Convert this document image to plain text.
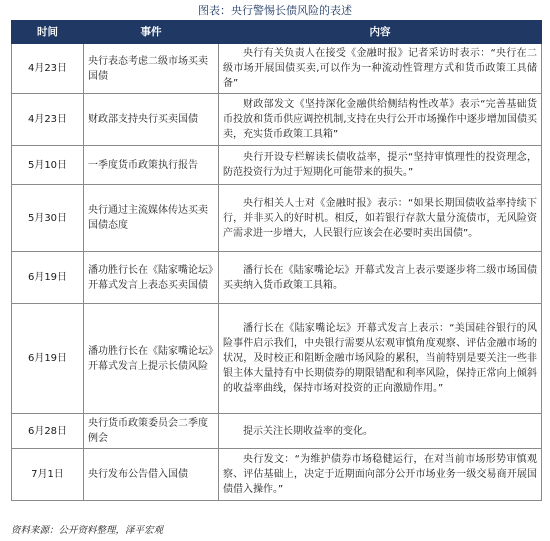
图表：央行警惕长债风险的表述
时间	事件	内容
4月23日	央行表态考虑二级市场买卖国债	央行有关负责人在接受《金融时报》记者采访时表示：“央行在二级市场开展国债买卖,可以作为一种流动性管理方式和货币政策工具储备”
4月23日	财政部支持央行买卖国债	财政部发文《坚持深化金融供给侧结构性改革》表示“完善基础货币投放和货币供应调控机制,支持在央行公开市场操作中逐步增加国债买卖，充实货币政策工具箱”
5月10日	一季度货币政策执行报告	央行开设专栏解读长债收益率，提示“坚持审慎理性的投资理念，防范投资行为过于短期化可能带来的损失。”
5月30日	央行通过主流媒体传达买卖国债态度	央行相关人士对《金融时报》表示：“如果长期国债收益率持续下行，并非买入的好时机。相反，如若银行存款大量分流债市，无风险资产需求进一步增大，人民银行应该会在必要时卖出国债”。
6月19日	潘功胜行长在《陆家嘴论坛》开幕式发言上表态买卖国债	潘行长在《陆家嘴论坛》开幕式发言上表示要逐步将二级市场国债买卖纳入货币政策工具箱。
6月19日	潘功胜行长在《陆家嘴论坛》开幕式发言上提示长债风险	潘行长在《陆家嘴论坛》开幕式发言上表示：“美国硅谷银行的风险事件启示我们，中央银行需要从宏观审慎角度观察、评估金融市场的状况，及时校正和阻断金融市场风险的累积，当前特别是要关注一些非银主体大量持有中长期债券的期限错配和利率风险，保持正常向上倾斜的收益率曲线，保持市场对投资的正向激励作用。”
6月28日	央行货币政策委员会二季度例会	提示关注长期收益率的变化。
7月1日	央行发布公告借入国债	央行发文：“为维护债券市场稳健运行，在对当前市场形势审慎观察、评估基础上，决定于近期面向部分公开市场业务一级交易商开展国债借入操作。”
资料来源：公开资料整理，泽平宏观
